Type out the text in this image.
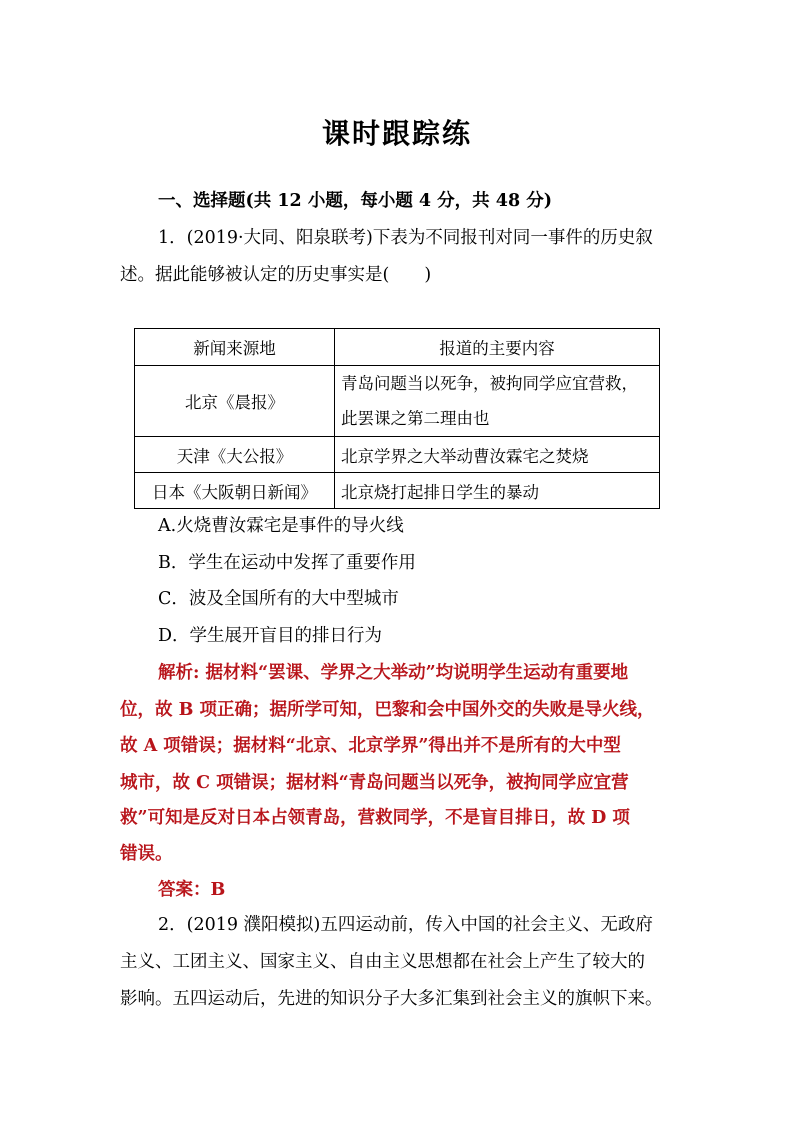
课时跟踪练
一、选择题(共 12 小题，每小题 4 分，共 48 分)
1．(2019·大同、阳泉联考)下表为不同报刊对同一事件的历史叙
述。据此能够被认定的历史事实是(　　)
新闻来源地	报道的主要内容
北京《晨报》	青岛问题当以死争，被拘同学应宜营救，
此罢课之第二理由也

天津《大公报》	北京学界之大举动曹汝霖宅之焚烧
日本《大阪朝日新闻》	北京烧打起排日学生的暴动
A.火烧曹汝霖宅是事件的导火线
B．学生在运动中发挥了重要作用
C．波及全国所有的大中型城市
D．学生展开盲目的排日行为
解析: 据材料“罢课、学界之大举动”均说明学生运动有重要地
位，故 B 项正确；据所学可知，巴黎和会中国外交的失败是导火线，
故 A 项错误；据材料“北京、北京学界”得出并不是所有的大中型
城市，故 C 项错误；据材料“青岛问题当以死争，被拘同学应宜营
救”可知是反对日本占领青岛，营救同学，不是盲目排日，故 D 项
错误。
答案：B
2．(2019 濮阳模拟)五四运动前，传入中国的社会主义、无政府
主义、工团主义、国家主义、自由主义思想都在社会上产生了较大的
影响。五四运动后，先进的知识分子大多汇集到社会主义的旗帜下来。
